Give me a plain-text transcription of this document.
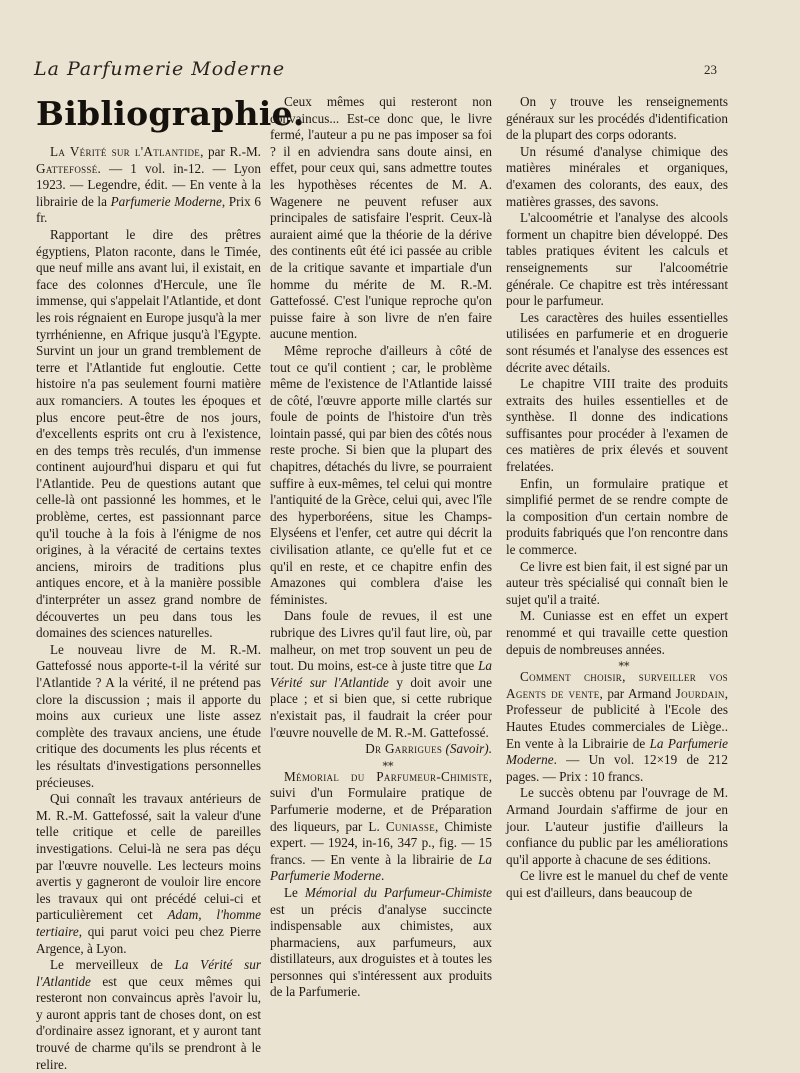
La Parfumerie Moderne	23
Bibliographie.

La Vérité sur l'Atlantide, par R.-M. Gattefossé. — 1 vol. in-12. — Lyon 1923. — Legendre, édit. — En vente à la librairie de la Parfumerie Moderne, Prix 6 fr.

Rapportant le dire des prêtres égyptiens, Platon raconte, dans le Timée, que neuf mille ans avant lui, il existait, en face des colonnes d'Hercule, une île immense, qui s'appelait l'Atlantide, et dont les rois régnaient en Europe jusqu'à la mer tyrrhénienne, en Afrique jusqu'à l'Egypte. Survint un jour un grand tremblement de terre et l'Atlantide fut engloutie. Cette histoire n'a pas seulement fourni matière aux romanciers. A toutes les époques et plus encore peut-être de nos jours, d'excellents esprits ont cru à l'existence, en des temps très reculés, d'un immense continent aujourd'hui disparu et qui fut l'Atlantide. Peu de questions autant que celle-là ont passionné les hommes, et le problème, certes, est passionnant parce qu'il touche à la fois à l'énigme de nos origines, à la véracité de certains textes anciens, miroirs de traditions plus antiques encore, et à la manière possible d'interpréter un assez grand nombre de découvertes un peu dans tous les domaines des sciences naturelles.

Le nouveau livre de M. R.-M. Gattefossé nous apporte-t-il la vérité sur l'Atlantide ? A la vérité, il ne prétend pas clore la discussion ; mais il apporte du moins aux curieux une liste assez complète des travaux anciens, une étude critique des documents les plus récents et les résultats d'investigations personnelles précieuses.

Qui connaît les travaux antérieurs de M. R.-M. Gattefossé, sait la valeur d'une telle critique et celle de pareilles investigations. Celui-là ne sera pas déçu par l'œuvre nouvelle. Les lecteurs moins avertis y gagneront de vouloir lire encore les travaux qui ont précédé celui-ci et particulièrement cet Adam, l'homme tertiaire, qui parut voici peu chez Pierre Argence, à Lyon.

Le merveilleux de La Vérité sur l'Atlantide est que ceux mêmes qui resteront non convaincus après l'avoir lu, y auront appris tant de choses dont, on est d'ordinaire assez ignorant, et y auront tant trouvé de charme qu'ils se prendront à le relire.

Ceux mêmes qui resteront non convaincus... Est-ce donc que, le livre fermé, l'auteur a pu ne pas imposer sa foi ? il en adviendra sans doute ainsi, en effet, pour ceux qui, sans admettre toutes les hypothèses récentes de M. A. Wagenere ne peuvent refuser aux principales de satisfaire l'esprit. Ceux-là auraient aimé que la théorie de la dérive des continents eût été ici passée au crible de la critique savante et impartiale d'un homme du mérite de M. R.-M. Gattefossé. C'est l'unique reproche qu'on puisse faire à son livre de n'en faire aucune mention.

Même reproche d'ailleurs à côté de tout ce qu'il contient ; car, le problème même de l'existence de l'Atlantide laissé de côté, l'œuvre apporte mille clartés sur foule de points de l'histoire d'un très lointain passé, qui par bien des côtés nous reste proche. Si bien que la plupart des chapitres, détachés du livre, se pourraient suffire à eux-mêmes, tel celui qui montre l'antiquité de la Grèce, celui qui, avec l'île des hyperboréens, situe les Champs-Elyséens et l'enfer, cet autre qui décrit la civilisation atlante, ce qu'elle fut et ce qu'il en reste, et ce chapitre enfin des Amazones qui comblera d'aise les féministes.

Dans foule de revues, il est une rubrique des Livres qu'il faut lire, où, par malheur, on met trop souvent un peu de tout. Du moins, est-ce à juste titre que La Vérité sur l'Atlantide y doit avoir une place ; et si bien que, si cette rubrique n'existait pas, il faudrait la créer pour l'œuvre nouvelle de M. R.-M. Gattefossé.

Dr Garrigues (Savoir).

⁎⁎

Mémorial du Parfumeur-Chimiste, suivi d'un Formulaire pratique de Parfumerie moderne, et de Préparation des liqueurs, par L. Cuniasse, Chimiste expert. — 1924, in-16, 347 p., fig. — 15 francs. — En vente à la librairie de La Parfumerie Moderne.

Le Mémorial du Parfumeur-Chimiste est un précis d'analyse succincte indispensable aux chimistes, aux pharmaciens, aux parfumeurs, aux distillateurs, aux droguistes et à toutes les personnes qui s'intéressent aux produits de la Parfumerie.

On y trouve les renseignements généraux sur les procédés d'identification de la plupart des corps odorants.

Un résumé d'analyse chimique des matières minérales et organiques, d'examen des colorants, des eaux, des matières grasses, des savons.

L'alcoométrie et l'analyse des alcools forment un chapitre bien développé. Des tables pratiques évitent les calculs et renseignements sur l'alcoométrie générale. Ce chapitre est très intéressant pour le parfumeur.

Les caractères des huiles essentielles utilisées en parfumerie et en droguerie sont résumés et l'analyse des essences est décrite avec détails.

Le chapitre VIII traite des produits extraits des huiles essentielles et de synthèse. Il donne des indications suffisantes pour procéder à l'examen de ces matières de prix élevés et souvent frelatées.

Enfin, un formulaire pratique et simplifié permet de se rendre compte de la composition d'un certain nombre de produits fabriqués que l'on rencontre dans le commerce.

Ce livre est bien fait, il est signé par un auteur très spécialisé qui connaît bien le sujet qu'il a traité.

M. Cuniasse est en effet un expert renommé et qui travaille cette question depuis de nombreuses années.

⁎⁎

Comment choisir, surveiller vos Agents de vente, par Armand Jourdain, Professeur de publicité à l'Ecole des Hautes Etudes commerciales de Liège.. En vente à la Librairie de La Parfumerie Moderne. — Un vol. 12×19 de 212 pages. — Prix : 10 francs.

Le succès obtenu par l'ouvrage de M. Armand Jourdain s'affirme de jour en jour. L'auteur justifie d'ailleurs la confiance du public par les améliorations qu'il apporte à chacune de ses éditions.

Ce livre est le manuel du chef de vente qui est d'ailleurs, dans beaucoup de
